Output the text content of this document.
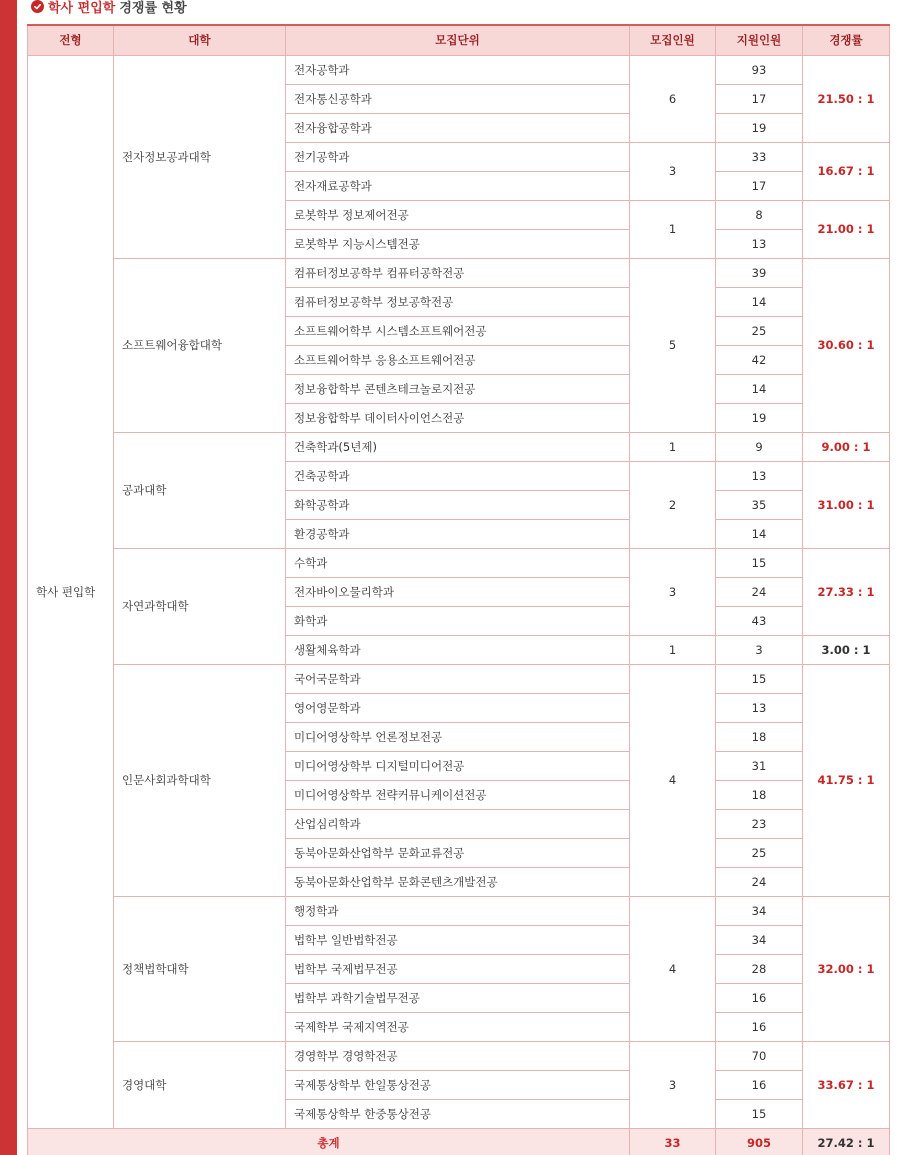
학사 편입학 경쟁률 현황
전형	대학	모집단위	모집인원	지원인원	경쟁률
학사 편입학	전자정보공과대학	전자공학과	6	93	21.50 : 1
		전자통신공학과		17	
		전자융합공학과		19	
		전기공학과	3	33	16.67 : 1
		전자재료공학과		17	
		로봇학부 정보제어전공	1	8	21.00 : 1
		로봇학부 지능시스템전공		13	
	소프트웨어융합대학	컴퓨터정보공학부 컴퓨터공학전공	5	39	30.60 : 1
		컴퓨터정보공학부 정보공학전공		14	
		소프트웨어학부 시스템소프트웨어전공		25	
		소프트웨어학부 응용소프트웨어전공		42	
		정보융합학부 콘텐츠테크놀로지전공		14	
		정보융합학부 데이터사이언스전공		19	
	공과대학	건축학과(5년제)	1	9	9.00 : 1
		건축공학과	2	13	31.00 : 1
		화학공학과		35	
		환경공학과		14	
	자연과학대학	수학과	3	15	27.33 : 1
		전자바이오물리학과		24	
		화학과		43	
		생활체육학과	1	3	3.00 : 1
	인문사회과학대학	국어국문학과	4	15	41.75 : 1
		영어영문학과		13	
		미디어영상학부 언론정보전공		18	
		미디어영상학부 디지털미디어전공		31	
		미디어영상학부 전략커뮤니케이션전공		18	
		산업심리학과		23	
		동북아문화산업학부 문화교류전공		25	
		동북아문화산업학부 문화콘텐츠개발전공		24	
	정책법학대학	행정학과	4	34	32.00 : 1
		법학부 일반법학전공		34	
		법학부 국제법무전공		28	
		법학부 과학기술법무전공		16	
		국제학부 국제지역전공		16	
	경영대학	경영학부 경영학전공	3	70	33.67 : 1
		국제통상학부 한일통상전공		16	
		국제통상학부 한중통상전공		15	
총계			33	905	27.42 : 1
